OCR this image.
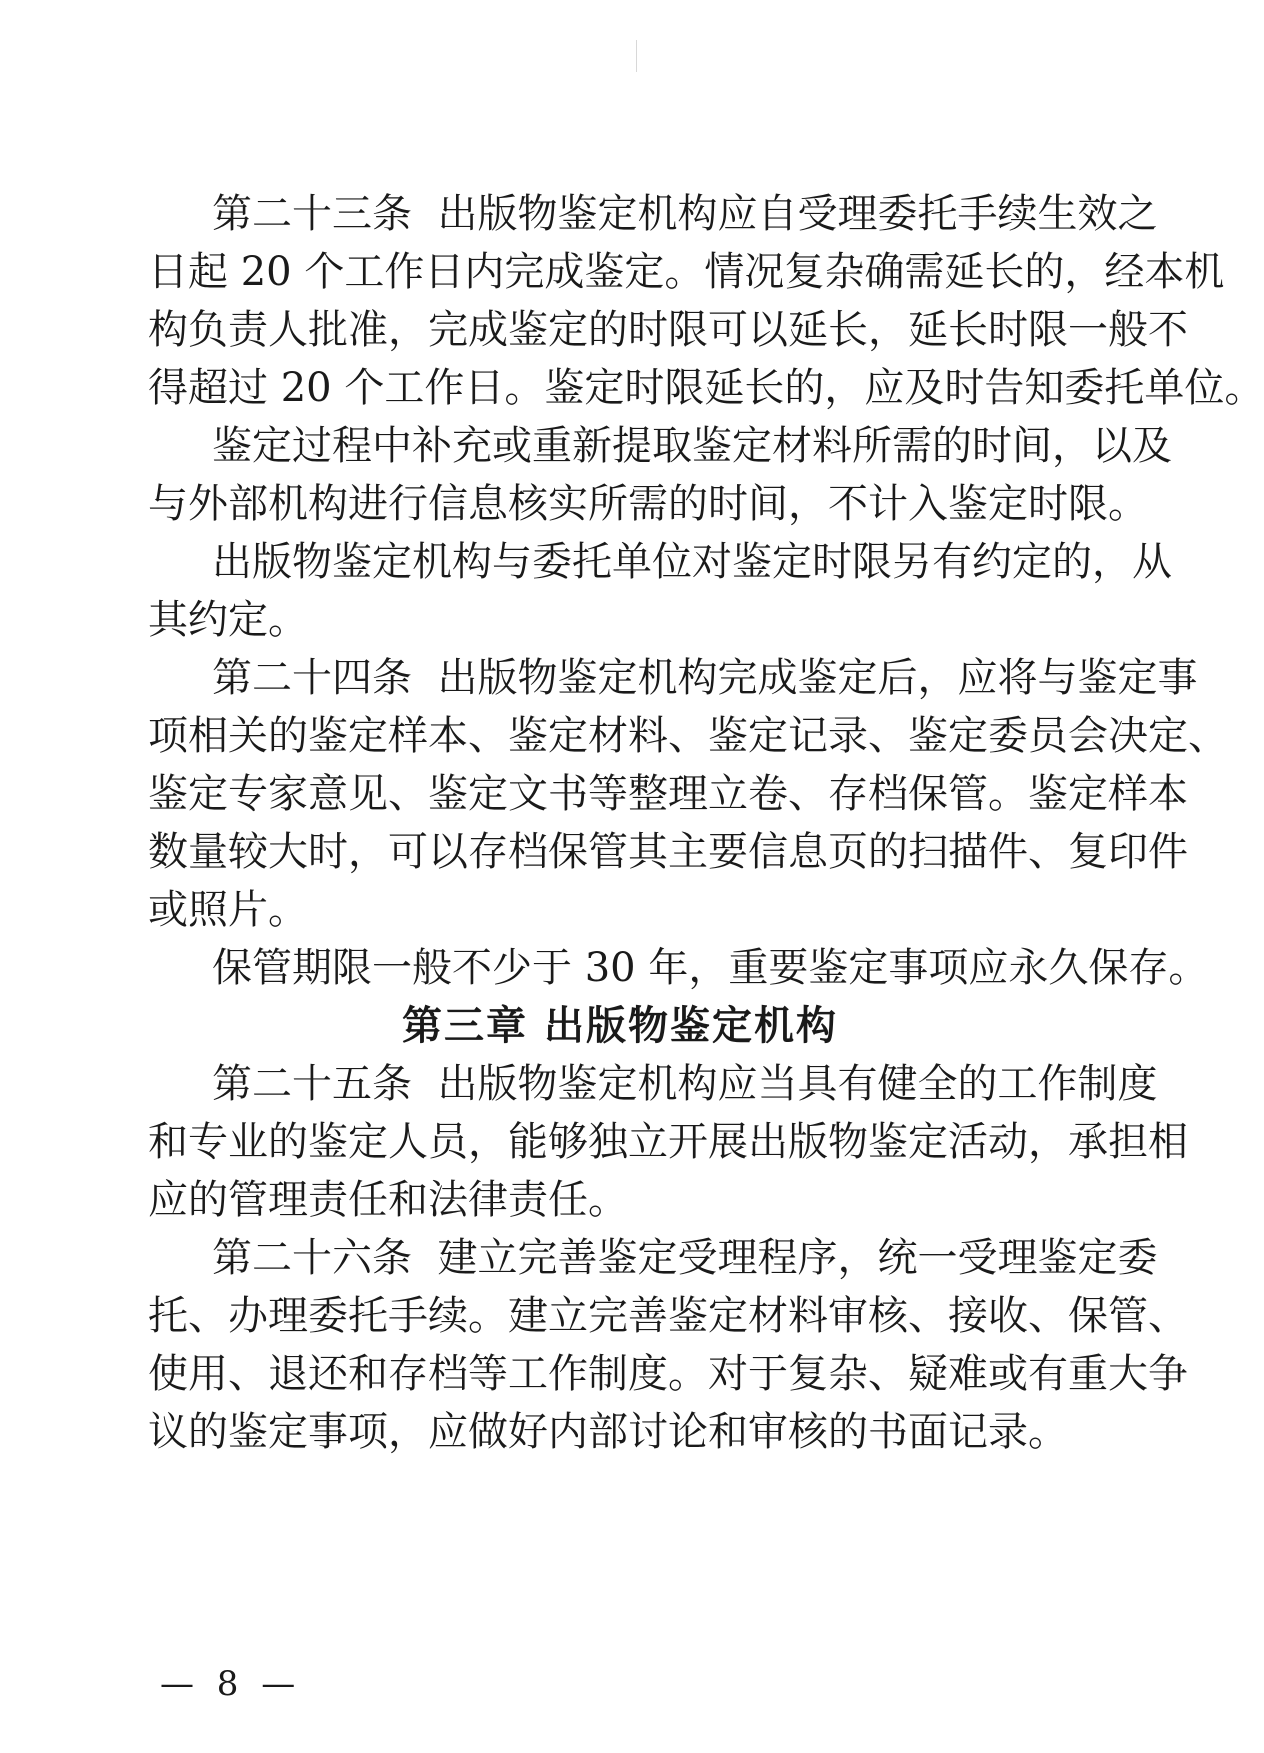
第 二 十 三 条

出 版 物 鉴 定 机 构 应 自 受 理 委 托 手 续 生 效 之
日 起
2 0
个 工 作 日 内 完 成 鉴 定 。 情 况 复 杂 确 需 延 长 的 ， 经 本 机
构 负 责 人 批 准 ， 完 成 鉴 定 的 时 限 可 以 延 长 ， 延 长 时 限 一 般 不
得 超 过
2 0
个 工 作 日 。 鉴 定 时 限 延 长 的 ， 应 及 时 告 知 委 托 单 位 。
鉴 定 过 程 中 补 充 或 重 新 提 取 鉴 定 材 料 所 需 的 时 间 ， 以 及
与外部机构进行信息核实所需的时间，不计入鉴定时限。
出 版 物 鉴 定 机 构 与 委 托 单 位 对 鉴 定 时 限 另 有 约 定 的 ， 从
其约定。
第 二 十 四 条

出 版 物 鉴 定 机 构 完 成 鉴 定 后 ， 应 将 与 鉴 定 事
项 相 关 的 鉴 定 样 本 、 鉴 定 材 料 、 鉴 定 记 录 、 鉴 定 委 员 会 决 定 、
鉴 定 专 家 意 见 、 鉴 定 文 书 等 整 理 立 卷 、 存 档 保 管 。 鉴 定 样 本
数 量 较 大 时 ， 可 以 存 档 保 管 其 主 要 信 息 页 的 扫 描 件 、 复 印 件
或照片。
保管期限一般不少于 30 年，重要鉴定事项应永久保存。
第三章 出版物鉴定机构
第 二 十 五 条

出 版 物 鉴 定 机 构 应 当 具 有 健 全 的 工 作 制 度
和 专 业 的 鉴 定 人 员 ， 能 够 独 立 开 展 出 版 物 鉴 定 活 动 ， 承 担 相
应的管理责任和法律责任。
第 二 十 六 条

建 立 完 善 鉴 定 受 理 程 序 ， 统 一 受 理 鉴 定 委
托 、 办 理 委 托 手 续 。 建 立 完 善 鉴 定 材 料 审 核 、 接 收 、 保 管 、
使 用 、 退 还 和 存 档 等 工 作 制 度 。 对 于 复 杂 、 疑 难 或 有 重 大 争
议的鉴定事项，应做好内部讨论和审核的书面记录。
— 8 —
